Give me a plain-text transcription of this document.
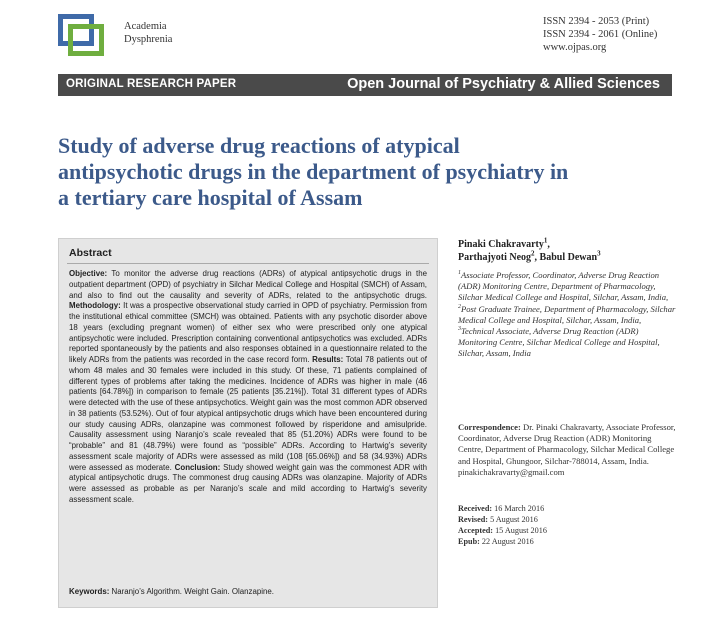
Academia
Dysphrenia
ISSN 2394 - 2053 (Print)
ISSN 2394 - 2061 (Online)
www.ojpas.org
ORIGINAL RESEARCH PAPER	Open Journal of Psychiatry & Allied Sciences
Study of adverse drug reactions of atypical
antipsychotic drugs in the department of psychiatry in
a tertiary care hospital of Assam
Abstract

Objective: To monitor the adverse drug reactions (ADRs) of atypical antipsychotic drugs in the outpatient department (OPD) of psychiatry in Silchar Medical College and Hospital (SMCH) of Assam, and also to find out the causality and severity of ADRs, related to the antipsychotic drugs. Methodology: It was a prospective observational study carried in OPD of psychiatry. Permission from the institutional ethical committee (SMCH) was obtained. Patients with any psychotic disorder above 18 years (excluding pregnant women) of either sex who were prescribed only one atypical antipsychotic were included. Prescription containing conventional antipsychotics was excluded. ADRs reported spontaneously by the patients and also responses obtained in a questionnaire related to the likely ADRs from the patients was recorded in the case record form. Results: Total 78 patients out of whom 48 males and 30 females were included in this study. Of these, 71 patients complained of different types of problems after taking the medicines. Incidence of ADRs was higher in male (46 patients [64.78%]) in comparison to female (25 patients [35.21%]). Total 31 different types of ADRs were detected with the use of these antipsychotics. Weight gain was the most common ADR observed in 38 patients (53.52%). Out of four atypical antipsychotic drugs which have been encountered during our study causing ADRs, olanzapine was commonest followed by risperidone and amisulpride. Causality assessment using Naranjo’s scale revealed that 85 (51.20%) ADRs were found to be “probable” and 81 (48.79%) were found as “possible” ADRs. According to Hartwig’s severity assessment scale majority of ADRs were assessed as mild (108 [65.06%]) and 58 (34.93%) ADRs were assessed as moderate. Conclusion: Study showed weight gain was the commonest ADR with atypical antipsychotic drugs. The commonest drug causing ADRs was olanzapine. Majority of ADRs were assessed as probable as per Naranjo’s scale and mild according to Hartwig’s severity assessment scale.

Keywords: Naranjo’s Algorithm. Weight Gain. Olanzapine.
Pinaki Chakravarty$^1$,
Parthajyoti Neog$^2$, Babul Dewan$^3$
$^1$Associate Professor, Coordinator, Adverse Drug Reaction (ADR) Monitoring Centre, Department of Pharmacology, Silchar Medical College and Hospital, Silchar, Assam, India, $^2$Post Graduate Trainee, Department of Pharmacology, Silchar Medical College and Hospital, Silchar, Assam, India, $^3$Technical Associate, Adverse Drug Reaction (ADR) Monitoring Centre, Silchar Medical College and Hospital, Silchar, Assam, India
Correspondence: Dr. Pinaki Chakravarty, Associate Professor, Coordinator, Adverse Drug Reaction (ADR) Monitoring Centre, Department of Pharmacology, Silchar Medical College and Hospital, Ghungoor, Silchar-788014, Assam, India. pinakichakravarty@gmail.com
Received: 16 March 2016
Revised: 5 August 2016
Accepted: 15 August 2016
Epub: 22 August 2016
